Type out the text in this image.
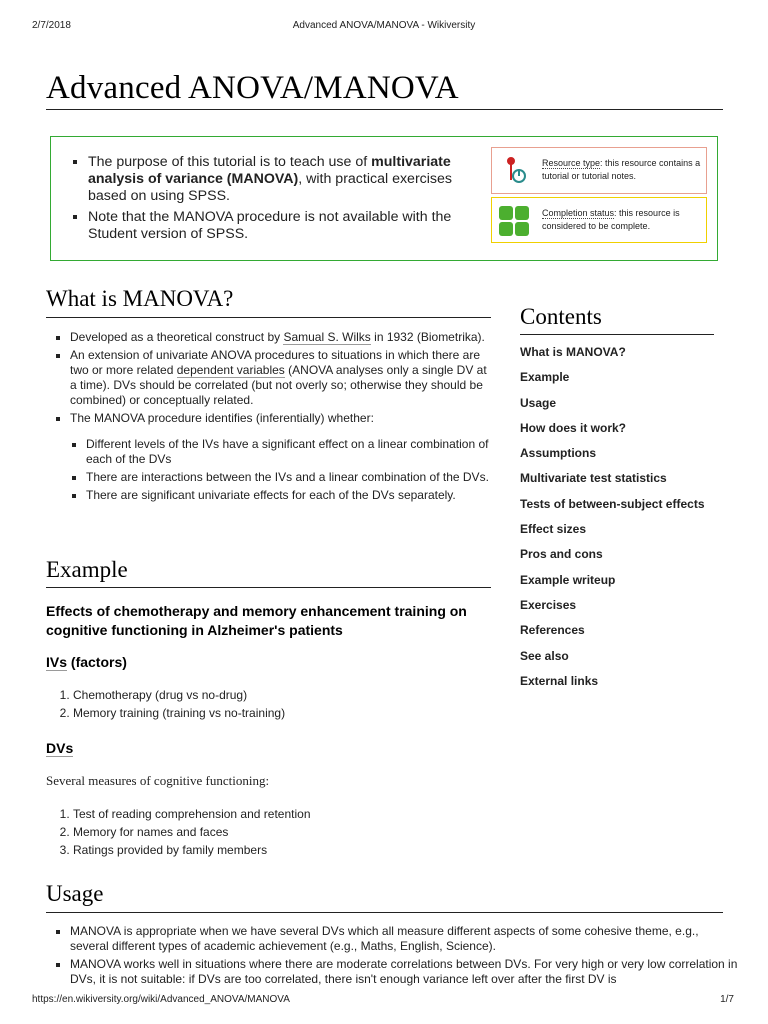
2/7/2018	Advanced ANOVA/MANOVA - Wikiversity
Advanced ANOVA/MANOVA
▪ The purpose of this tutorial is to teach use of multivariate analysis of variance (MANOVA), with practical exercises based on using SPSS.
▪ Note that the MANOVA procedure is not available with the Student version of SPSS.
Resource type: this resource contains a tutorial or tutorial notes.
Completion status: this resource is considered to be complete.
What is MANOVA?
▪ Developed as a theoretical construct by Samual S. Wilks in 1932 (Biometrika).
▪ An extension of univariate ANOVA procedures to situations in which there are two or more related dependent variables (ANOVA analyses only a single DV at a time). DVs should be correlated (but not overly so; otherwise they should be combined) or conceptually related.
▪ The MANOVA procedure identifies (inferentially) whether:
▪ Different levels of the IVs have a significant effect on a linear combination of each of the DVs
▪ There are interactions between the IVs and a linear combination of the DVs.
▪ There are significant univariate effects for each of the DVs separately.
Example
Effects of chemotherapy and memory enhancement training on cognitive functioning in Alzheimer's patients
IVs (factors)
1. Chemotherapy (drug vs no-drug)
2. Memory training (training vs no-training)
DVs

Several measures of cognitive functioning:

1. Test of reading comprehension and retention
2. Memory for names and faces
3. Ratings provided by family members
Usage
▪ MANOVA is appropriate when we have several DVs which all measure different aspects of some cohesive theme, e.g., several different types of academic achievement (e.g., Maths, English, Science).
▪ MANOVA works well in situations where there are moderate correlations between DVs. For very high or very low correlation in DVs, it is not suitable: if DVs are too correlated, there isn't enough variance left over after the first DV is
Contents
What is MANOVA?
Example
Usage
How does it work?
Assumptions
Multivariate test statistics
Tests of between-subject effects
Effect sizes
Pros and cons
Example writeup
Exercises
References
See also
External links
https://en.wikiversity.org/wiki/Advanced_ANOVA/MANOVA	1/7
